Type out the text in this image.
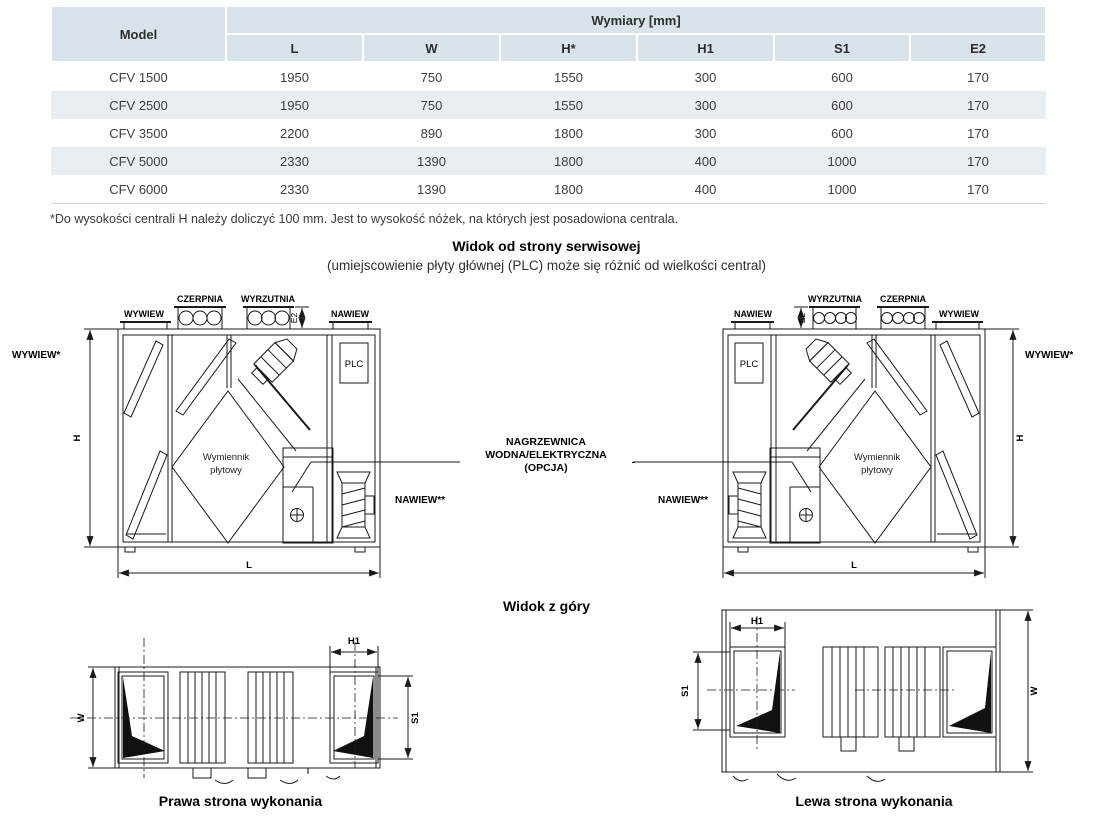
Model	Wymiary [mm]					
	L	W	H*	H1	S1	E2
CFV 1500	1950	750	1550	300	600	170
CFV 2500	1950	750	1550	300	600	170
CFV 3500	2200	890	1800	300	600	170
CFV 5000	2330	1390	1800	400	1000	170
CFV 6000	2330	1390	1800	400	1000	170
*Do wysokości centrali H należy doliczyć 100 mm. Jest to wysokość nóżek, na których jest posadowiona centrala.
Widok od strony serwisowej
(umiejscowienie płyty głównej (PLC) może się różnić od wielkości central)
WYWIEW
CZERPNIA WYRZUTNIA
NAWIEW
E2
H
WYWIEW*
NAWIEW**
L
PLC
Wymiennik
płytowy
NAGRZEWNICA
WODNA/ELEKTRYCZNA
(OPCJA)
NAWIEW
WYRZUTNIA CZERPNIA
WYWIEW
E2
H
WYWIEW*
NAWIEW**
L
PLC
Wymiennik
płytowy
Widok z góry
W
H1
S1
H1
S1	W
Prawa strona wykonania	Lewa strona wykonania
